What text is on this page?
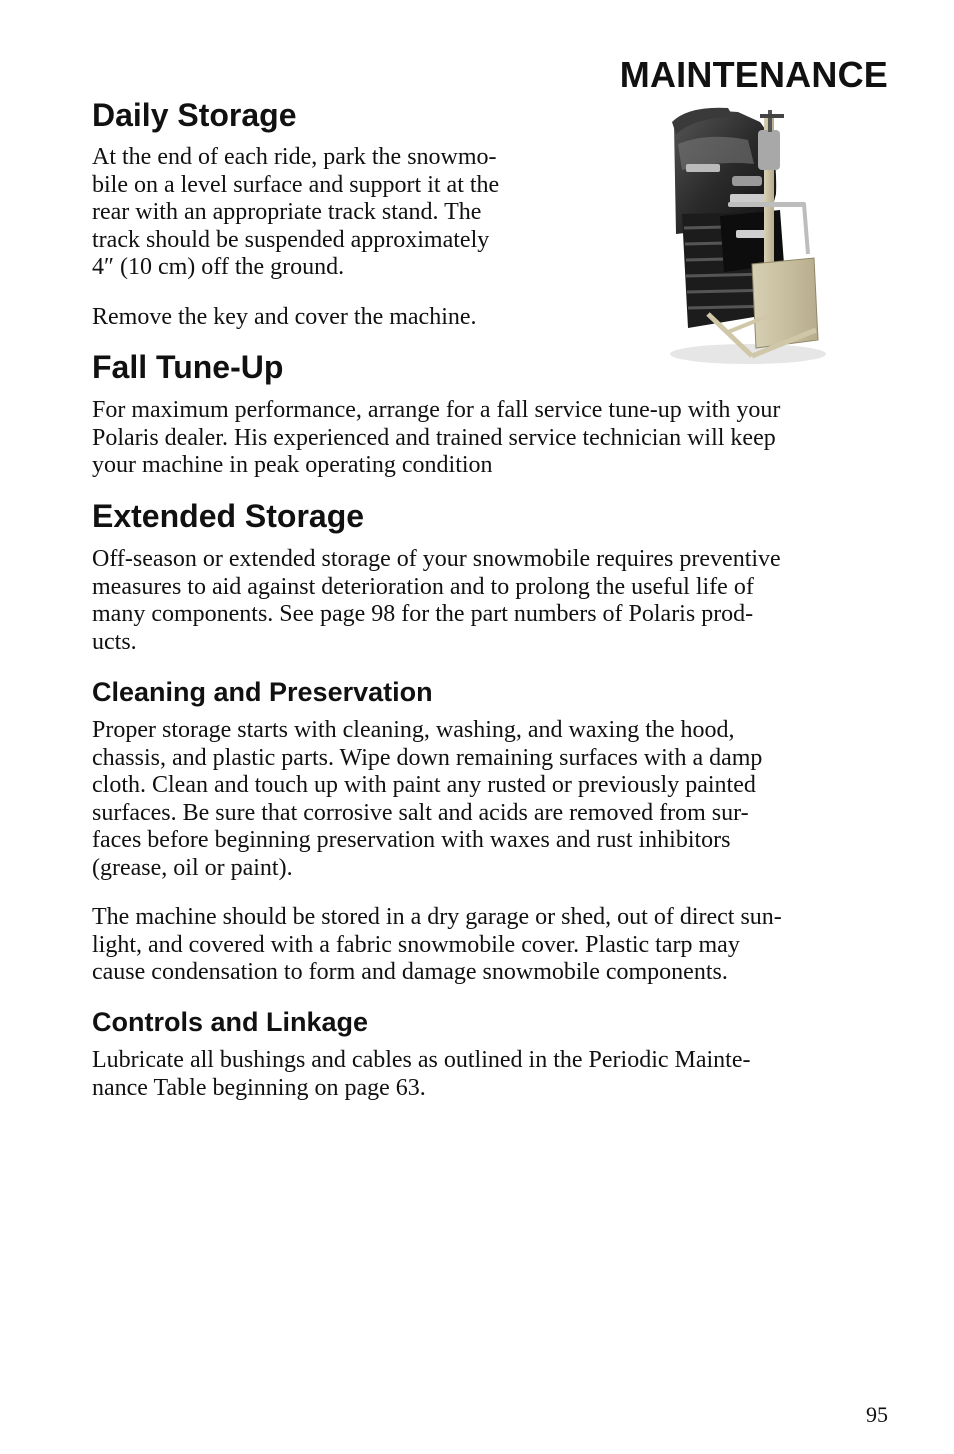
MAINTENANCE
Daily Storage

At the end of each ride, park the snowmo-
bile on a level surface and support it at the
rear with an appropriate track stand. The
track should be suspended approximately
4″ (10 cm) off the ground.

Remove the key and cover the machine.

Fall Tune-Up

For maximum performance, arrange for a fall service tune-up with your
Polaris dealer. His experienced and trained service technician will keep
your machine in peak operating condition

Extended Storage

Off-season or extended storage of your snowmobile requires preventive
measures to aid against deterioration and to prolong the useful life of
many components. See page 98 for the part numbers of Polaris prod-
ucts.

Cleaning and Preservation

Proper storage starts with cleaning, washing, and waxing the hood,
chassis, and plastic parts. Wipe down remaining surfaces with a damp
cloth. Clean and touch up with paint any rusted or previously painted
surfaces. Be sure that corrosive salt and acids are removed from sur-
faces before beginning preservation with waxes and rust inhibitors
(grease, oil or paint).

The machine should be stored in a dry garage or shed, out of direct sun-
light, and covered with a fabric snowmobile cover. Plastic tarp may
cause condensation to form and damage snowmobile components.

Controls and Linkage

Lubricate all bushings and cables as outlined in the Periodic Mainte-
nance Table beginning on page 63.

95
